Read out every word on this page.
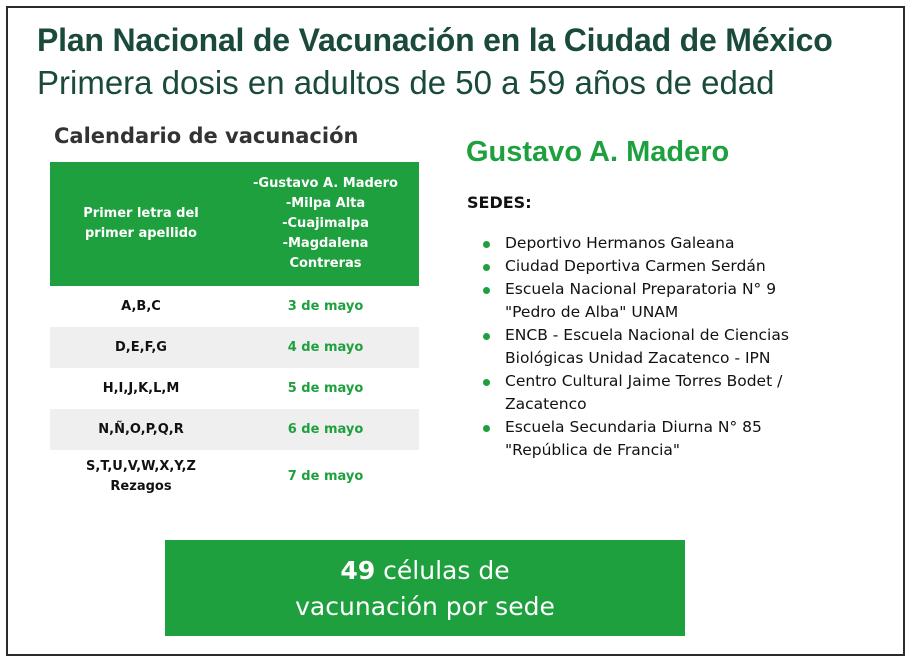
Plan Nacional de Vacunación en la Ciudad de México
Primera dosis en adultos de 50 a 59 años de edad
Calendario de vacunación
Primer letra del
primer apellido	-Gustavo A. Madero
-Milpa Alta
-Cuajimalpa
-Magdalena
Contreras

A,B,C	3 de mayo

D,E,F,G	4 de mayo

H,I,J,K,L,M	5 de mayo

N,Ñ,O,P,Q,R	6 de mayo

S,T,U,V,W,X,Y,Z
Rezagos	7 de mayo
Gustavo A. Madero
SEDES:
Deportivo Hermanos Galeana
Ciudad Deportiva Carmen Serdán
Escuela Nacional Preparatoria N° 9
"Pedro de Alba" UNAM
ENCB - Escuela Nacional de Ciencias
Biológicas Unidad Zacatenco - IPN
Centro Cultural Jaime Torres Bodet /
Zacatenco
Escuela Secundaria Diurna N° 85
"República de Francia"
49 células de
vacunación por sede
